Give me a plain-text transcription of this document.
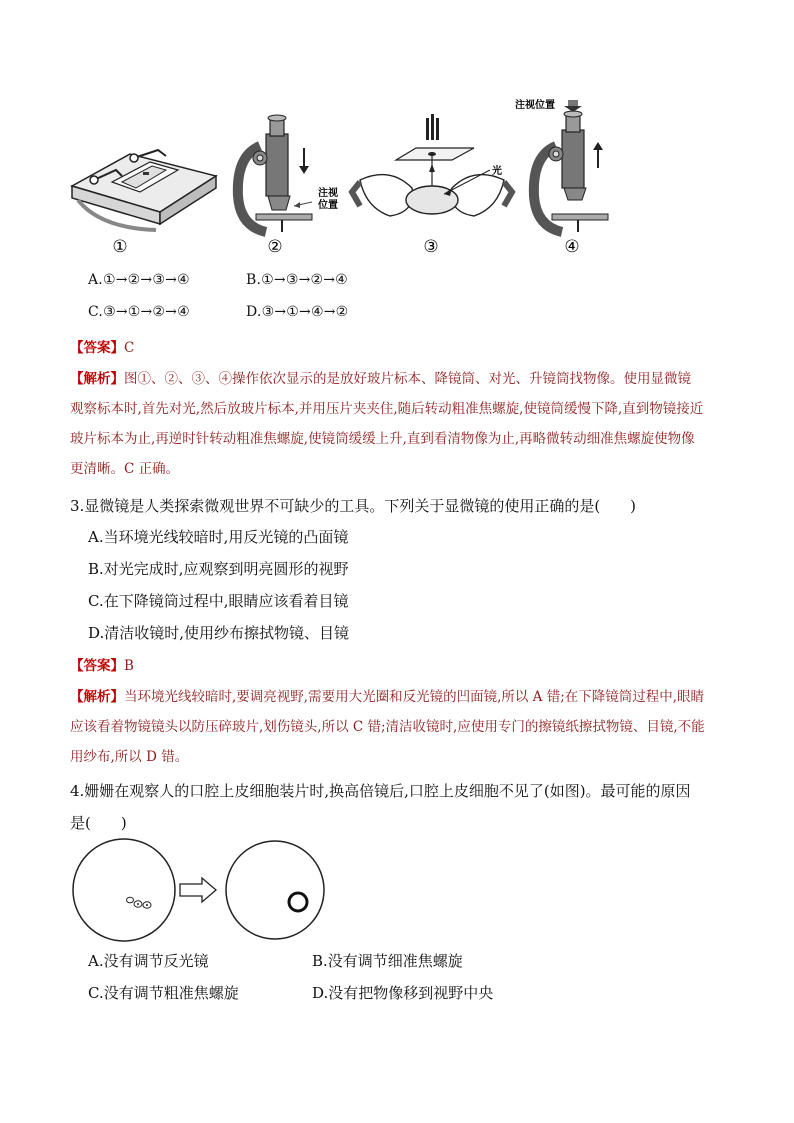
注视
位置
光
注视位置
①	②	③	④
A.①→②→③→④	B.①→③→②→④
C.③→①→②→④	D.③→①→④→②
【答案】C
【解析】图①、②、③、④操作依次显示的是放好玻片标本、降镜筒、对光、升镜筒找物像。使用显微镜
观察标本时,首先对光,然后放玻片标本,并用压片夹夹住,随后转动粗准焦螺旋,使镜筒缓慢下降,直到物镜接近
玻片标本为止,再逆时针转动粗准焦螺旋,使镜筒缓缓上升,直到看清物像为止,再略微转动细准焦螺旋使物像
更清晰。C 正确。
3.显微镜是人类探索微观世界不可缺少的工具。下列关于显微镜的使用正确的是(　　)
A.当环境光线较暗时,用反光镜的凸面镜
B.对光完成时,应观察到明亮圆形的视野
C.在下降镜筒过程中,眼睛应该看着目镜
D.清洁收镜时,使用纱布擦拭物镜、目镜
【答案】B
【解析】当环境光线较暗时,要调亮视野,需要用大光圈和反光镜的凹面镜,所以 A 错;在下降镜筒过程中,眼睛
应该看着物镜镜头以防压碎玻片,划伤镜头,所以 C 错;清洁收镜时,应使用专门的擦镜纸擦拭物镜、目镜,不能
用纱布,所以 D 错。
4.姗姗在观察人的口腔上皮细胞装片时,换高倍镜后,口腔上皮细胞不见了(如图)。最可能的原因
是(　　)
A.没有调节反光镜	B.没有调节细准焦螺旋
C.没有调节粗准焦螺旋	D.没有把物像移到视野中央
